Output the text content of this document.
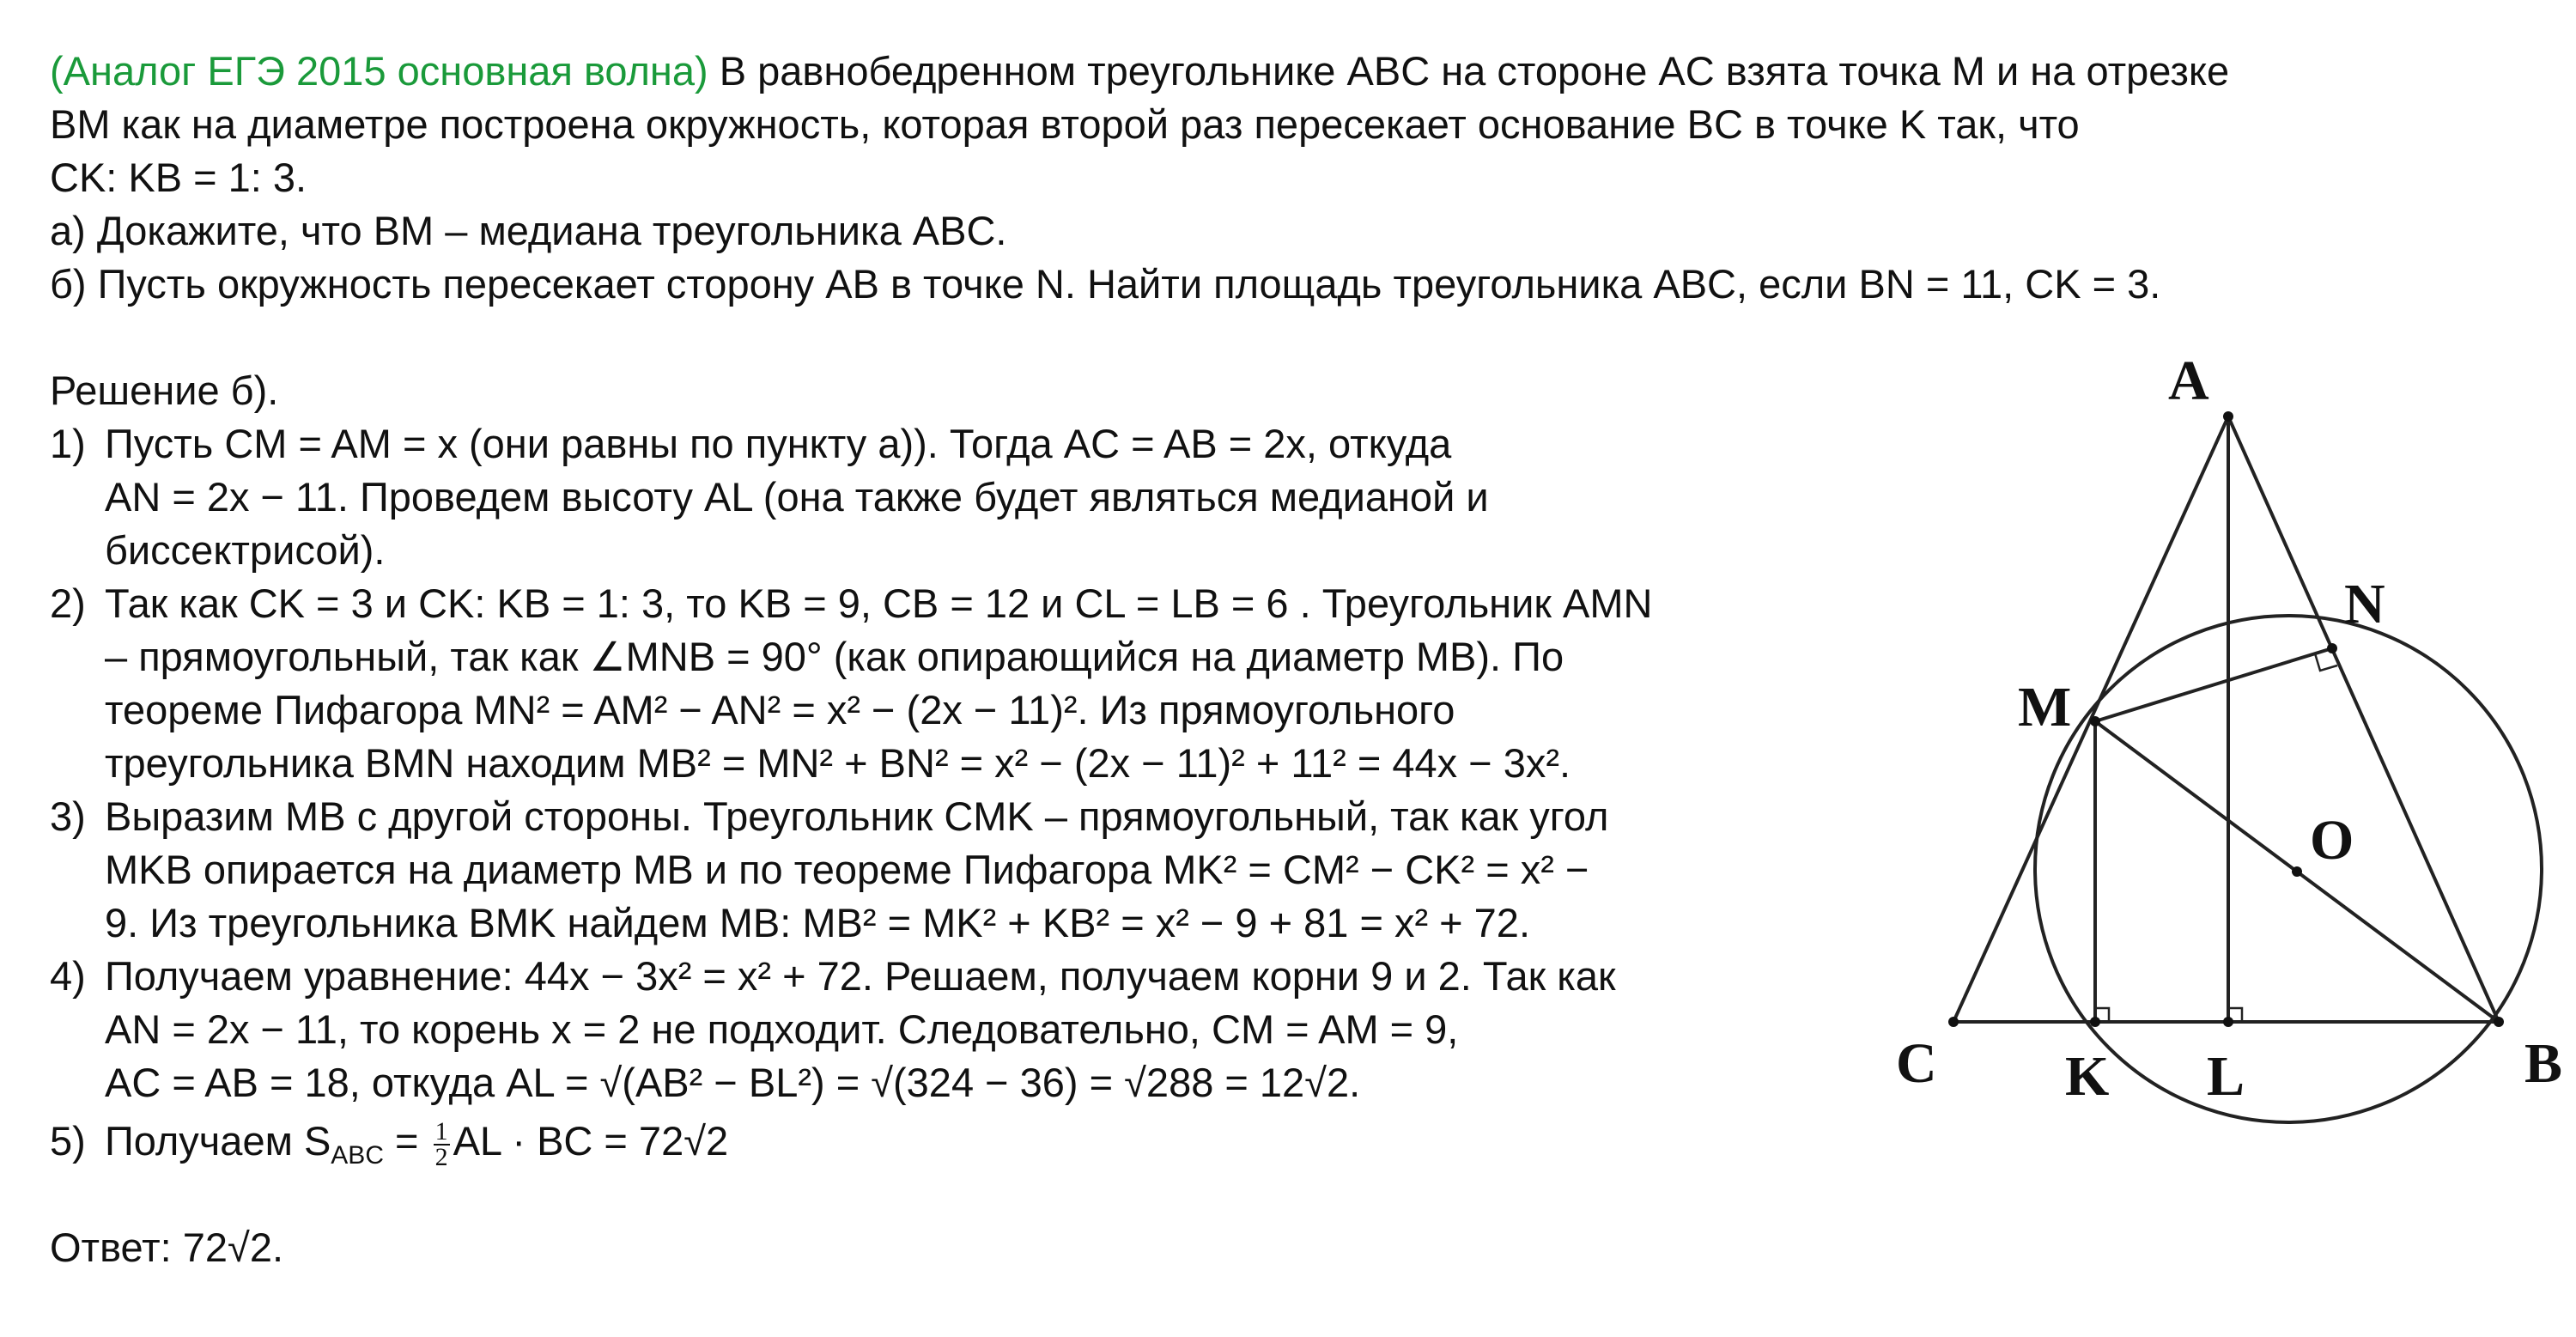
(Аналог ЕГЭ 2015 основная волна) В равнобедренном треугольнике ABC на стороне AC взята точка M и на отрезке
BM как на диаметре построена окружность, которая второй раз пересекает основание BC в точке K так, что
CK: KB = 1: 3.
а) Докажите, что BM – медиана треугольника ABC.
б) Пусть окружность пересекает сторону AB в точке N. Найти площадь треугольника ABC, если BN = 11, CK = 3.
Решение б).
1) Пусть CM = AM = x (они равны по пункту а)). Тогда AC = AB = 2x, откуда
AN = 2x − 11. Проведем высоту AL (она также будет являться медианой и
биссектрисой).
2) Так как CK = 3 и CK: KB = 1: 3, то KB = 9, CB = 12 и CL = LB = 6 . Треугольник AMN
– прямоугольный, так как ∠MNB = 90° (как опирающийся на диаметр MB). По
теореме Пифагора MN² = AM² − AN² = x² − (2x − 11)². Из прямоугольного
треугольника BMN находим MB² = MN² + BN² = x² − (2x − 11)² + 11² = 44x − 3x².
3) Выразим MB с другой стороны. Треугольник CMK – прямоугольный, так как угол
MKB опирается на диаметр MB и по теореме Пифагора MK² = CM² − CK² = x² −
9. Из треугольника BMK найдем MB: MB² = MK² + KB² = x² − 9 + 81 = x² + 72.
4) Получаем уравнение: 44x − 3x² = x² + 72. Решаем, получаем корни 9 и 2. Так как
AN = 2x − 11, то корень x = 2 не подходит. Следовательно, CM = AM = 9,
AC = AB = 18, откуда AL = √(AB² − BL²) = √(324 − 36) = √288 = 12√2.
5) Получаем $S_{ABC} = \frac{1}{2}$ AL · BC = 72√2
Ответ: 72√2.
A
N
M
O
C K L	B
